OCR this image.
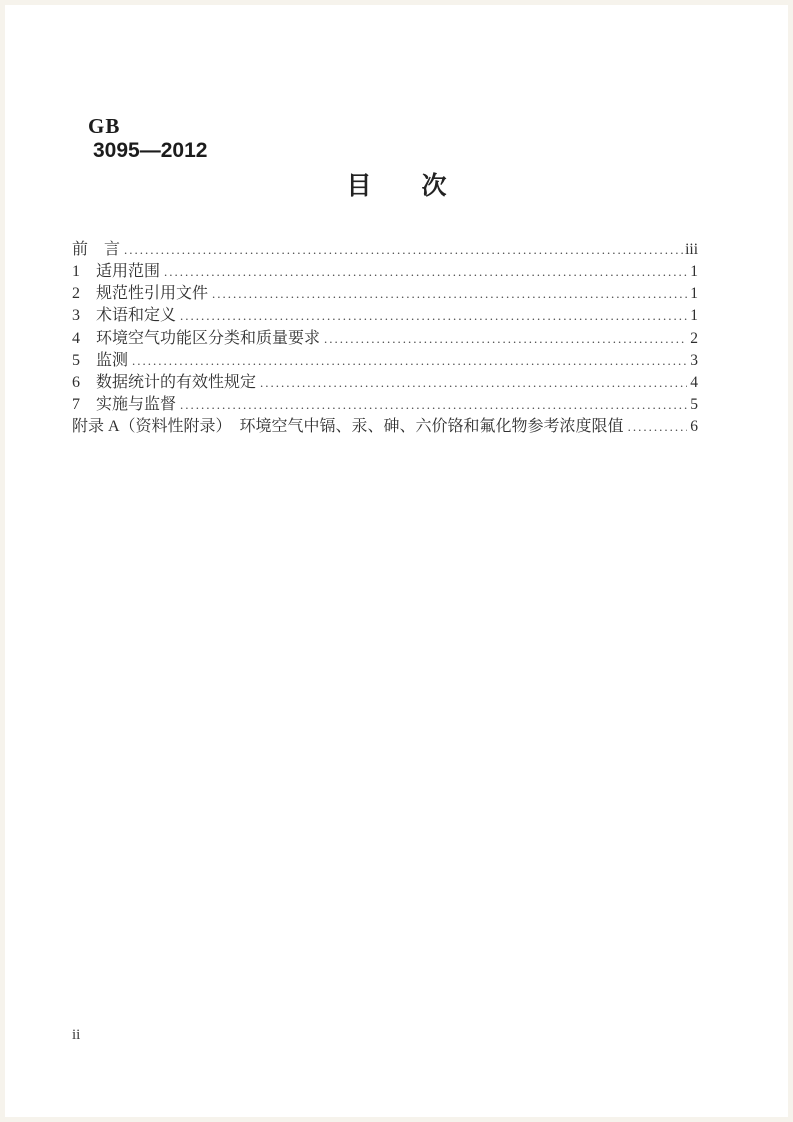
GB
3095—2012

目　　次
前　言 .....	iii
1　适用范围 .....	1
2　规范性引用文件 .....	1
3　术语和定义 .....	1
4　环境空气功能区分类和质量要求 .....	2
5　监测 .....	3
6　数据统计的有效性规定 .....	4
7　实施与监督 .....	5
附录 A（资料性附录）　环境空气中镉、汞、砷、六价铬和氟化物参考浓度限值 .....	6
ii
